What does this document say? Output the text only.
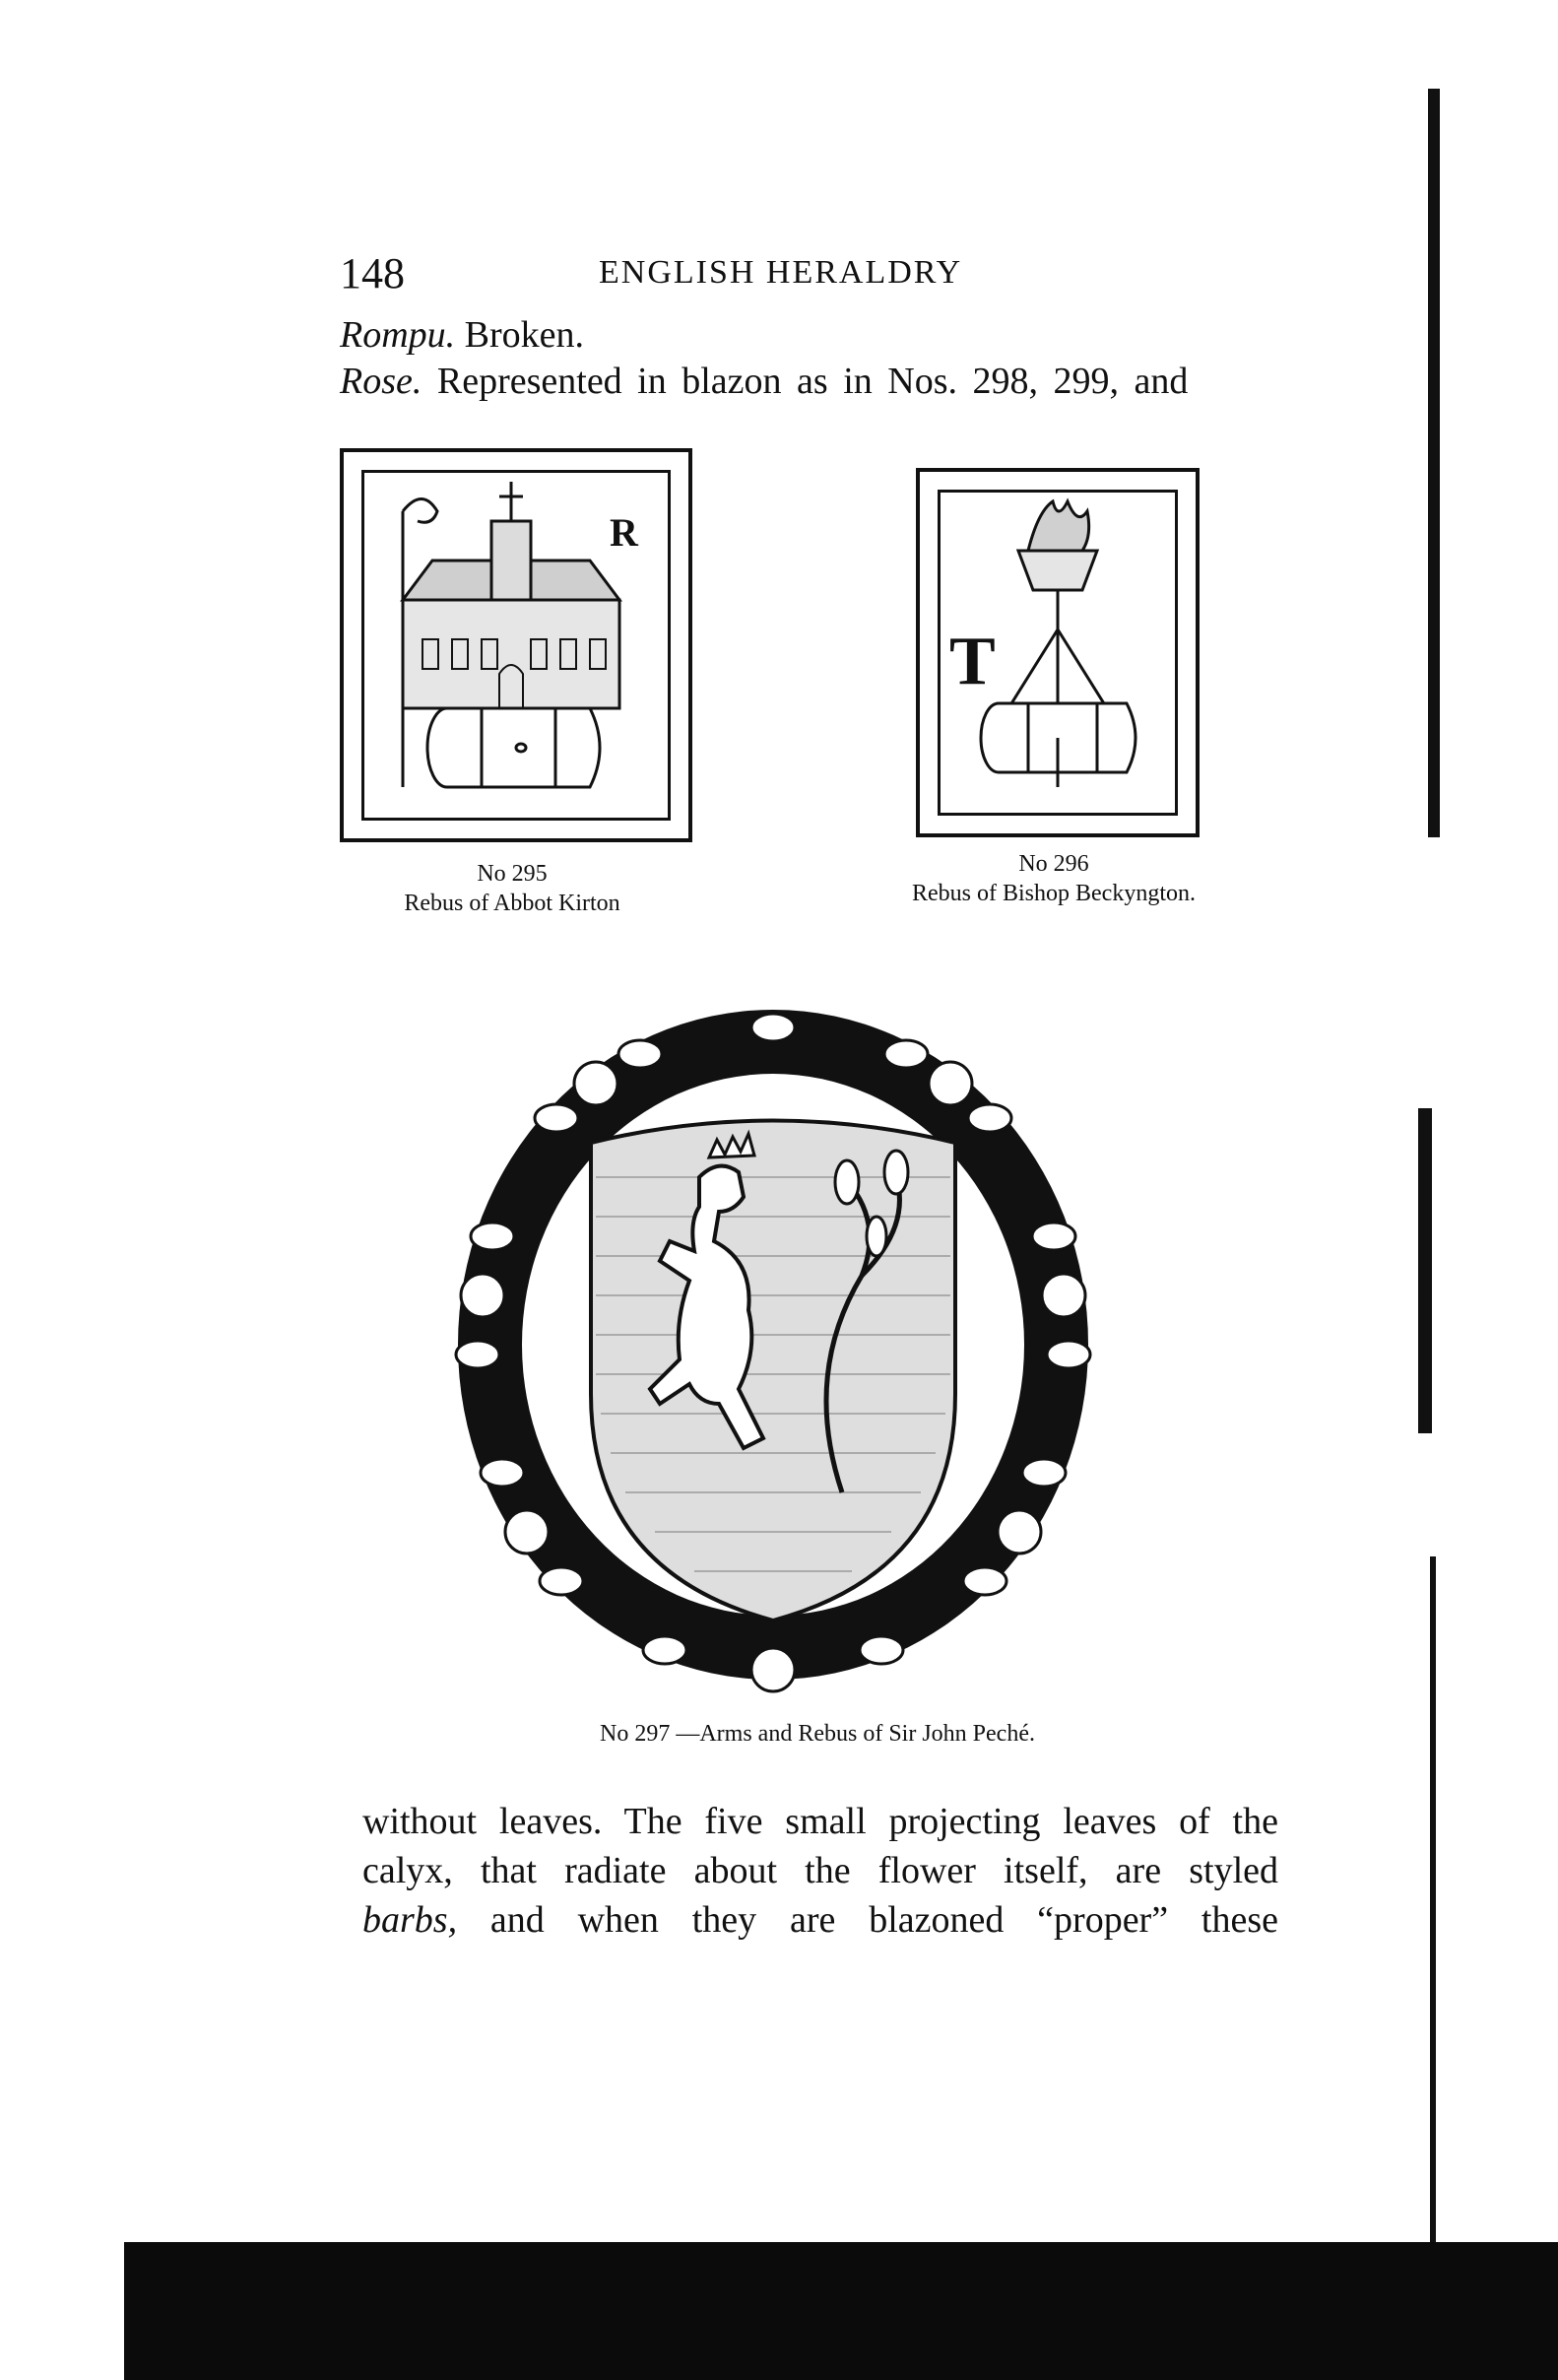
148	ENGLISH HERALDRY
Rompu. Broken.
Rose. Represented in blazon as in Nos. 298, 299, and
R
No 295
Rebus of Abbot Kirton
T
No 296
Rebus of Bishop Beckyngton.
No 297 —Arms and Rebus of Sir John Peché.
without leaves. The five small projecting leaves of the
calyx, that radiate about the flower itself, are styled
barbs, and when they are blazoned “proper” these
